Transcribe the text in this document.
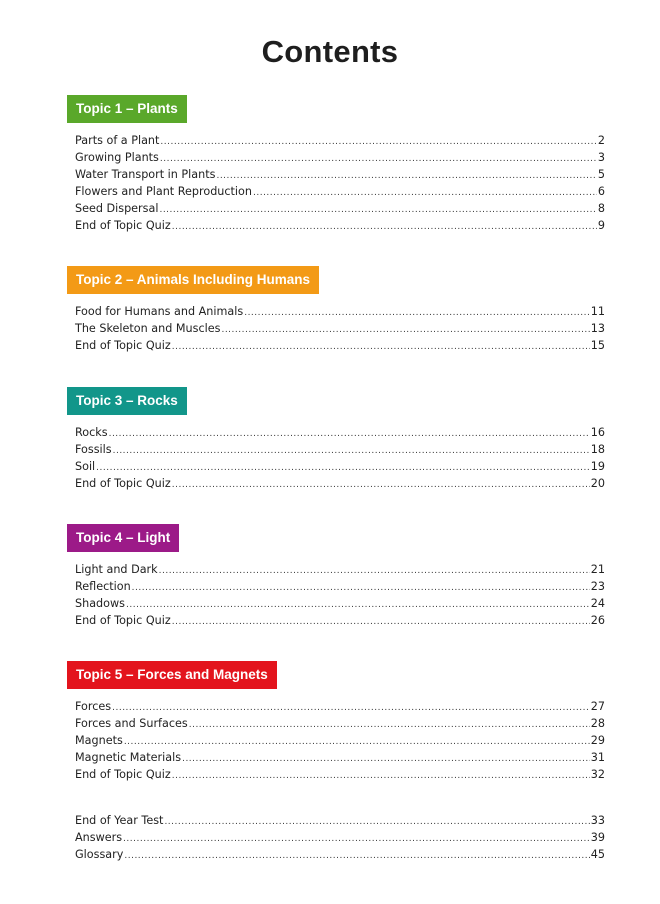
Contents
Topic 1 – Plants
Parts of a Plant .....	2
Growing Plants .....	3
Water Transport in Plants .....	5
Flowers and Plant Reproduction .....	6
Seed Dispersal .....	8
End of Topic Quiz .....	9
Topic 2 – Animals Including Humans
Food for Humans and Animals .....	11
The Skeleton and Muscles .....	13
End of Topic Quiz .....	15
Topic 3 – Rocks
Rocks .....	16
Fossils .....	18
Soil .....	19
End of Topic Quiz .....	20
Topic 4 – Light
Light and Dark .....	21
Reflection .....	23
Shadows .....	24
End of Topic Quiz .....	26
Topic 5 – Forces and Magnets
Forces .....	27
Forces and Surfaces .....	28
Magnets .....	29
Magnetic Materials .....	31
End of Topic Quiz .....	32
End of Year Test .....	33
Answers .....	39
Glossary .....	45
